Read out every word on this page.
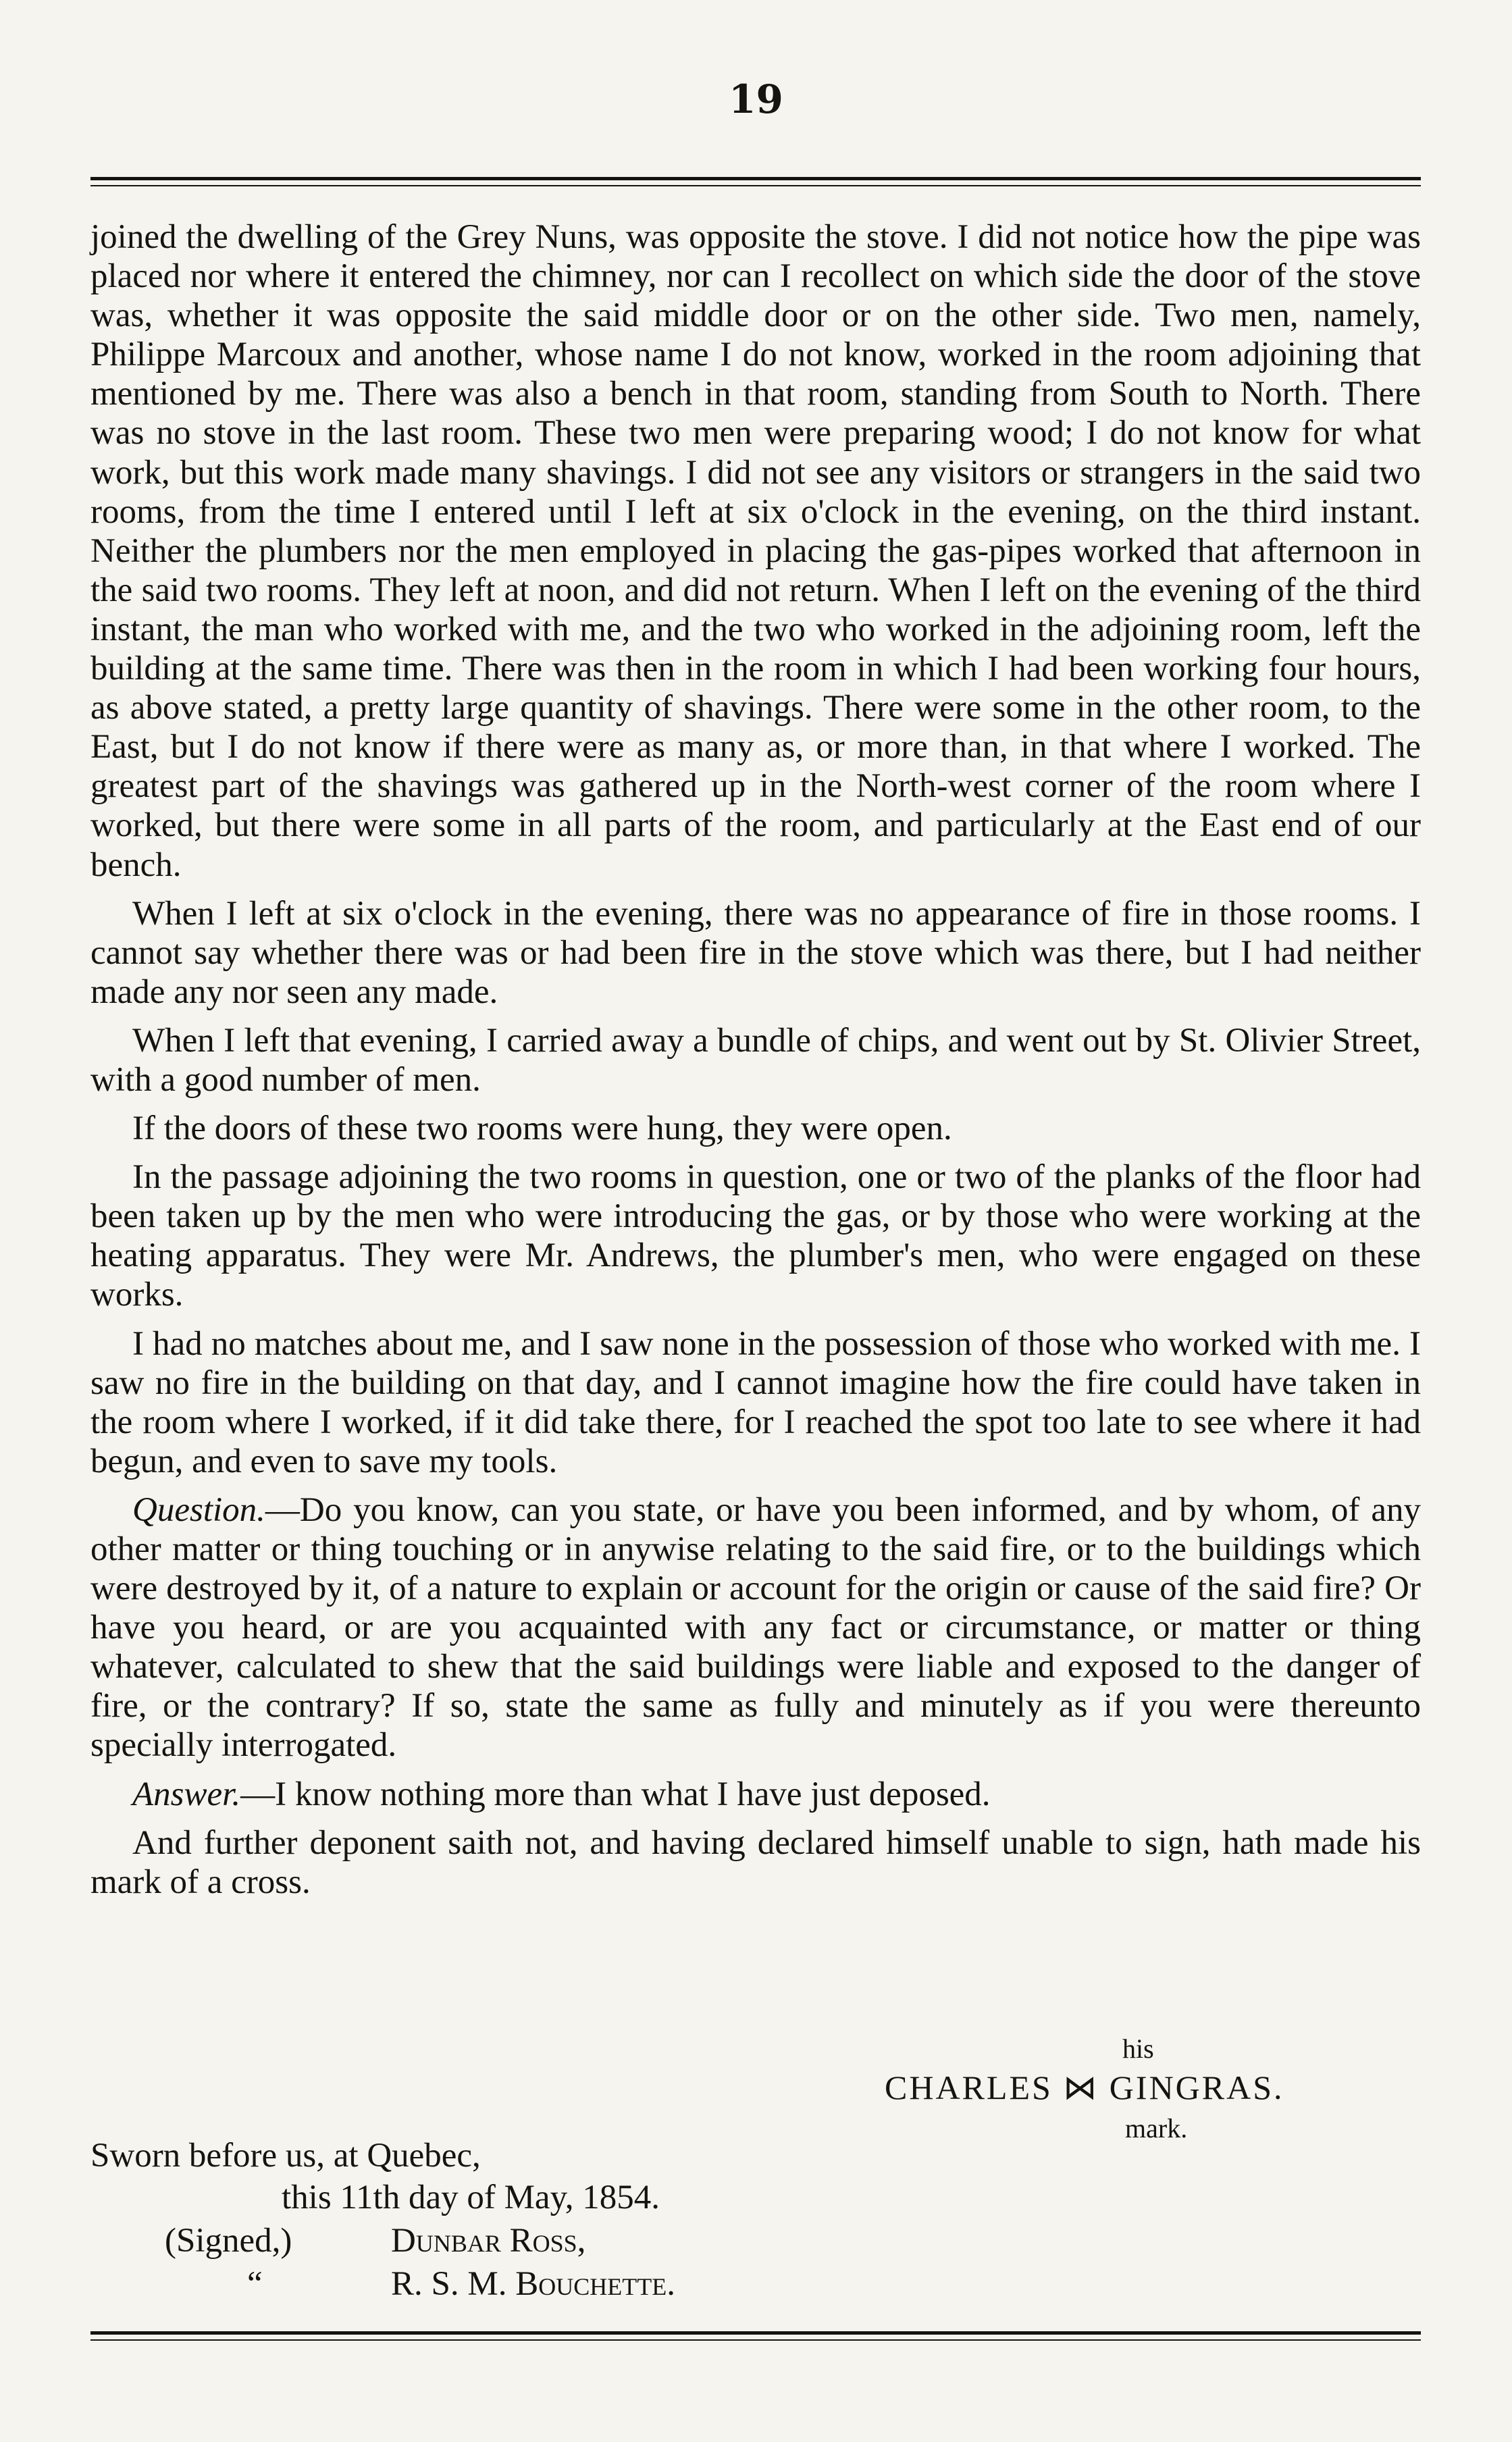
19

joined the dwelling of the Grey Nuns, was opposite the stove. I did not notice how the pipe was placed nor where it entered the chimney, nor can I recollect on which side the door of the stove was, whether it was opposite the said middle door or on the other side. Two men, namely, Philippe Marcoux and another, whose name I do not know, worked in the room adjoining that mentioned by me. There was also a bench in that room, standing from South to North. There was no stove in the last room. These two men were preparing wood; I do not know for what work, but this work made many shavings. I did not see any visitors or strangers in the said two rooms, from the time I entered until I left at six o'clock in the evening, on the third instant. Neither the plumbers nor the men employed in placing the gas-pipes worked that afternoon in the said two rooms. They left at noon, and did not return. When I left on the evening of the third instant, the man who worked with me, and the two who worked in the adjoining room, left the building at the same time. There was then in the room in which I had been working four hours, as above stated, a pretty large quantity of shavings. There were some in the other room, to the East, but I do not know if there were as many as, or more than, in that where I worked. The greatest part of the shavings was gathered up in the North-west corner of the room where I worked, but there were some in all parts of the room, and particularly at the East end of our bench.

When I left at six o'clock in the evening, there was no appearance of fire in those rooms. I cannot say whether there was or had been fire in the stove which was there, but I had neither made any nor seen any made.

When I left that evening, I carried away a bundle of chips, and went out by St. Olivier Street, with a good number of men.

If the doors of these two rooms were hung, they were open.

In the passage adjoining the two rooms in question, one or two of the planks of the floor had been taken up by the men who were introducing the gas, or by those who were working at the heating apparatus. They were Mr. Andrews, the plumber's men, who were engaged on these works.

I had no matches about me, and I saw none in the possession of those who worked with me. I saw no fire in the building on that day, and I cannot imagine how the fire could have taken in the room where I worked, if it did take there, for I reached the spot too late to see where it had begun, and even to save my tools.

Question.—Do you know, can you state, or have you been informed, and by whom, of any other matter or thing touching or in anywise relating to the said fire, or to the buildings which were destroyed by it, of a nature to explain or account for the origin or cause of the said fire? Or have you heard, or are you acquainted with any fact or circumstance, or matter or thing whatever, calculated to shew that the said buildings were liable and exposed to the danger of fire, or the contrary? If so, state the same as fully and minutely as if you were thereunto specially interrogated.

Answer.—I know nothing more than what I have just deposed.

And further deponent saith not, and having declared himself unable to sign, hath made his mark of a cross.

his
CHARLES ⋈ GINGRAS.
mark.
Sworn before us, at Quebec,
this 11th day of May, 1854.
(Signed,)	Dunbar Ross,
“	R. S. M. Bouchette.
